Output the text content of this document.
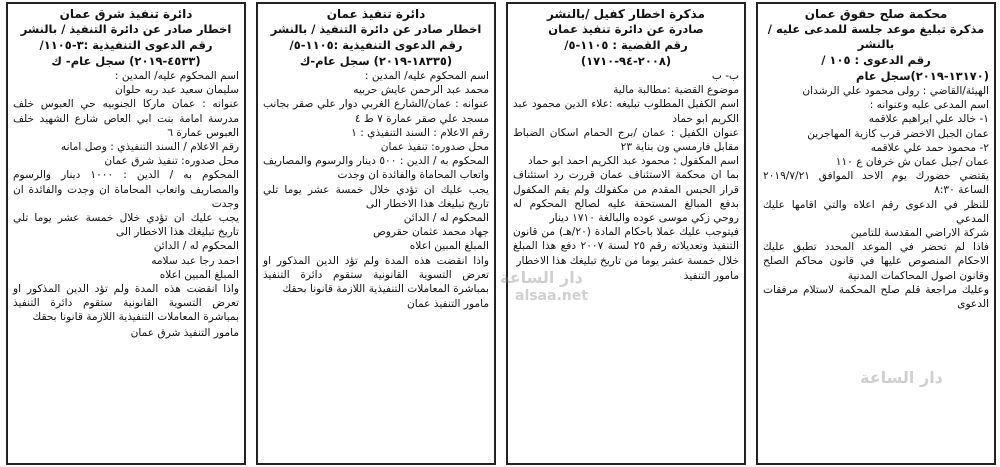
محكمة صلح حقوق عمان
مذكرة تبليغ موعد جلسة للمدعى عليه / بالنشر
رقم الدعوى : ١٠٥ /
(١٣١٧٠-٢٠١٩)سجل عام

الهيئة/القاضي : رولى محمود علي الرشدان

اسم المدعى عليه وعنوانه :

١- خالد علي ابراهيم علاقمه

عمان الجبل الاخضر قرب كازية المهاجرين

٢- محمود حمد علي علاقمه

عمان /جبل عمان ش خرفان ع ١١٠

يقتضي حضورك يوم الاحد الموافق ٢٠١٩/٧/٢١ الساعة ٨:٣٠

للنظر في الدعوى رقم اعلاه والتي اقامها عليك المدعي

شركة الاراضي المقدسة للتامين

فاذا لم تحضر في الموعد المحدد تطبق عليك الاحكام المنصوص عليها في قانون محاكم الصلح وقانون اصول المحاكمات المدنية

وعليك مراجعة قلم صلح المحكمة لاستلام مرفقات الدعوى

مذكرة اخطار كفيل /بالنشر
صادرة عن دائرة تنفيذ عمان
رقم القضية : ١١٠٥-٥/
(٢٠٠٨-٩٤-١٧١٠)

ب- ب

موضوع القضية :مطالبة مالية

اسم الكفيل المطلوب تبليغه :علاء الدين محمود عبد الكريم ابو حماد

عنوان الكفيل : عمان /برج الحمام اسكان الضباط مقابل فارمسي ون بناية ٢٣

اسم المكفول : محمود عبد الكريم احمد ابو حماد

بما ان محكمة الاستئناف عمان قررت رد استئناف قرار الحبس المقدم من مكفولك ولم يقم المكفول بدفع المبالغ المستحقة عليه لصالح المحكوم له روحي زكي موسى عوده والبالغة ١٧١٠ دينار

فيتوجب عليك عملا باحكام المادة (٢٠/هـ) من قانون التنفيذ وتعديلاته رقم ٢٥ لسنة ٢٠٠٧ دفع هذا المبلغ خلال خمسة عشر يوما من تاريخ تبليغك هذا الاخطار

مامور التنفيذ
دائرة تنفيذ عمان
اخطار صادر عن دائرة التنفيذ / بالنشر
رقم الدعوى التنفيذية :١١٠٥-٥/
(١٨٣٣٥-٢٠١٩) سجل عام-ك

اسم المحكوم عليه/ المدين :

محمد عبد الرحمن عايش حربيه

عنوانه : عمان/الشارع الغربي دوار علي صقر بجانب مسجد علي صقر عمارة ٧ ط ٤

رقم الاعلام : السند التنفيذي : ١

محل صدوره: تنفيذ عمان

المحكوم به / الدين : ٥٠٠ دينار والرسوم والمصاريف واتعاب المحاماة والفائدة ان وجدت

يجب عليك ان تؤدي خلال خمسة عشر يوما تلي تاريخ تبليغك هذا الاخطار الى

المحكوم له / الدائن

جهاد محمد عثمان حقروص

المبلغ المبين اعلاه

واذا انقضت هذه المدة ولم تؤد الدين المذكور او تعرض التسوية القانونية ستقوم دائرة التنفيذ بمباشرة المعاملات التنفيذية اللازمة قانونا بحقك

مامور التنفيذ عمان
دائرة تنفيذ شرق عمان
اخطار صادر عن دائرة التنفيذ / بالنشر
رقم الدعوى التنفيذية :٣-١١٠٥/
(٤٥٣٣-٢٠١٩) سجل عام- ك

اسم المحكوم عليه/ المدين :

سليمان سعيد عبد ربه حلوان

عنوانه : عمان ماركا الجنوبيه حي العبوس خلف مدرسة امامة بنت ابي العاص شارع الشهيد خلف العبوس عمارة ٦

رقم الاعلام / السند التنفيذي : وصل امانه

محل صدوره: تنفيذ شرق عمان

المحكوم به / الدين : ١٠٠٠ دينار والرسوم والمصاريف واتعاب المحاماة ان وجدت والفائدة ان وجدت

يجب عليك ان تؤدي خلال خمسة عشر يوما تلي تاريخ تبليغك هذا الاخطار الى

المحكوم له / الدائن

احمد رجا عبد سلامه

المبلغ المبين اعلاه

واذا انقضت هذه المدة ولم تؤد الدين المذكور او تعرض التسوية القانونية ستقوم دائرة التنفيذ بمباشرة المعاملات التنفيذية اللازمة قانونا بحقك

مامور التنفيذ شرق عمان
دار الساعة
alsaa.net
دار الساعة
